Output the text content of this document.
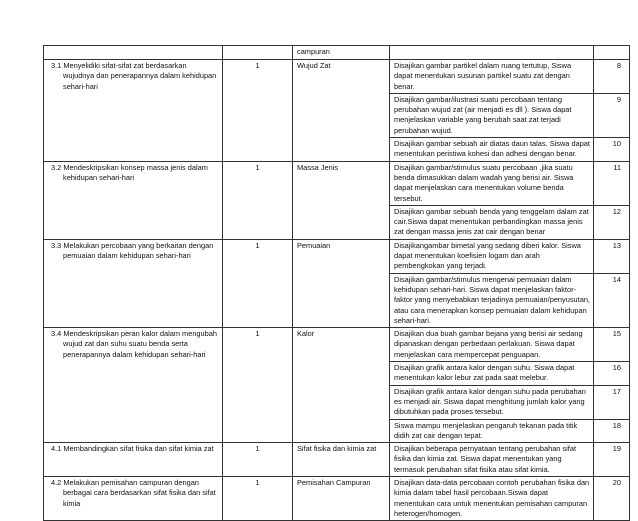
		campuran		

3.1 Menyelidiki sifat-sifat zat berdasarkan wujudnya dan penerapannya dalam kehidupan sehari-hari	1	Wujud Zat	Disajikan gambar partikel dalam ruang tertutup, Siswa dapat menentukan susunan partikel suatu zat dengan benar.	8
			Disajikan gambar/ilustrasi suatu percobaan tentang perubahan wujud zat (air menjadi es dll ). Siswa dapat menjelaskan variable yang berubah saat zat terjadi perubahan wujud.	9
			Disajikan gambar sebuah air diatas daun talas. Siswa dapat menentukan peristiwa kohesi dan adhesi dengan benar.	10

3.2 Mendeskripsikan konsep massa jenis dalam kehidupan sehari-hari	1	Massa Jenis	Disajikan gambar/stimulus suatu percobaan ,jika suatu benda dimasukkan dalam wadah yang berisi air. Siswa dapat menjelaskan cara menentukan volume benda tersebut.	11
			Disajikan gambar sebuah benda yang tenggelam dalam zat cair.Siswa dapat menentukan perbandingkan massa jenis zat dengan massa jenis zat cair dengan benar	12

3.3 Melakukan percobaan yang berkaitan dengan pemuaian dalam kehidupan sehari-hari	1	Pemuaian	Disajikangambar bimetal yang sedang diberi kalor. Siswa dapat menentukan koefisien logam dan arah pembengkokan yang terjadi.	13
			Disajikan gambar/stimulus mengenai pemuaian dalam kehidupan sehari-hari. Siswa dapat menjelaskan faktor-faktor yang menyebabkan terjadinya pemuaian/penyusutan, atau cara menerapkan konsep pemuaian dalam kehidupan sehari-hari.	14

3.4 Mendeskripsikan peran kalor dalam mengubah wujud zat dan suhu suatu benda serta penerapannya dalam kehidupan sehari-hari	1	Kalor	Disajikan dua buah gambar bejana yang berisi air sedang dipanaskan dengan perbedaan perlakuan. Siswa dapat menjelaskan cara mempercepat penguapan.	15
			Disajikan grafik antara kalor dengan suhu. Siswa dapat menentukan kalor lebur zat pada saat melebur.	16
			Disajikan grafik antara kalor dengan suhu pada perubahan es menjadi air. Siswa dapat menghitung jumlah kalor yang dibutuhkan pada proses tersebut.	17
			Siswa mampu menjelaskan pengaruh tekanan pada titik didih zat cair dengan tepat.	18

4.1 Membandingkan sifat fisika dan sifat kimia zat	1	Sifat fisika dan kimia zat	Disajikan beberapa pernyataan tentang perubahan sifat fisika dan kimia zat. Siswa dapat menentukan yang termasuk perubahan sifat fisika atau sifat kimia.	19

4.2 Melakukan pemisahan campuran dengan berbagai cara berdasarkan sifat fisika dan sifat kimia	1	Pemisahan Campuran	Disajikan data-data percobaan contoh perubahan fisika dan kimia dalam tabel hasil percobaan.Siswa dapat menentukan cara untuk menentukan pemisahan campuran heterogen/homogen.	20
